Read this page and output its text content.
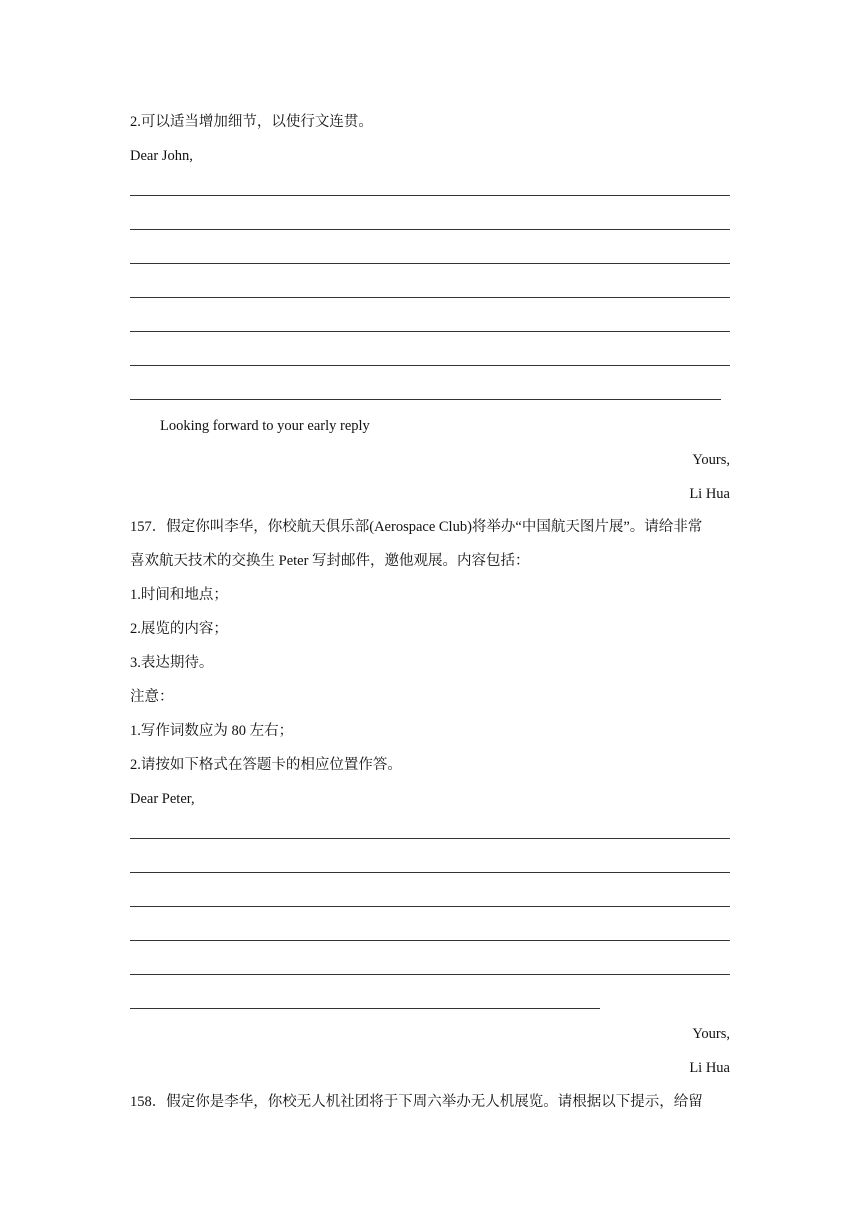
2.可以适当增加细节，以使行文连贯。
Dear John,
Looking forward to your early reply
Yours,
Li Hua
157．假定你叫李华，你校航天俱乐部(Aerospace Club)将举办“中国航天图片展”。请给非常
喜欢航天技术的交换生 Peter 写封邮件，邀他观展。内容包括：
1.时间和地点；
2.展览的内容；
3.表达期待。
注意：
1.写作词数应为 80 左右；
2.请按如下格式在答题卡的相应位置作答。
Dear Peter,
Yours,
Li Hua
158．假定你是李华，你校无人机社团将于下周六举办无人机展览。请根据以下提示，给留
